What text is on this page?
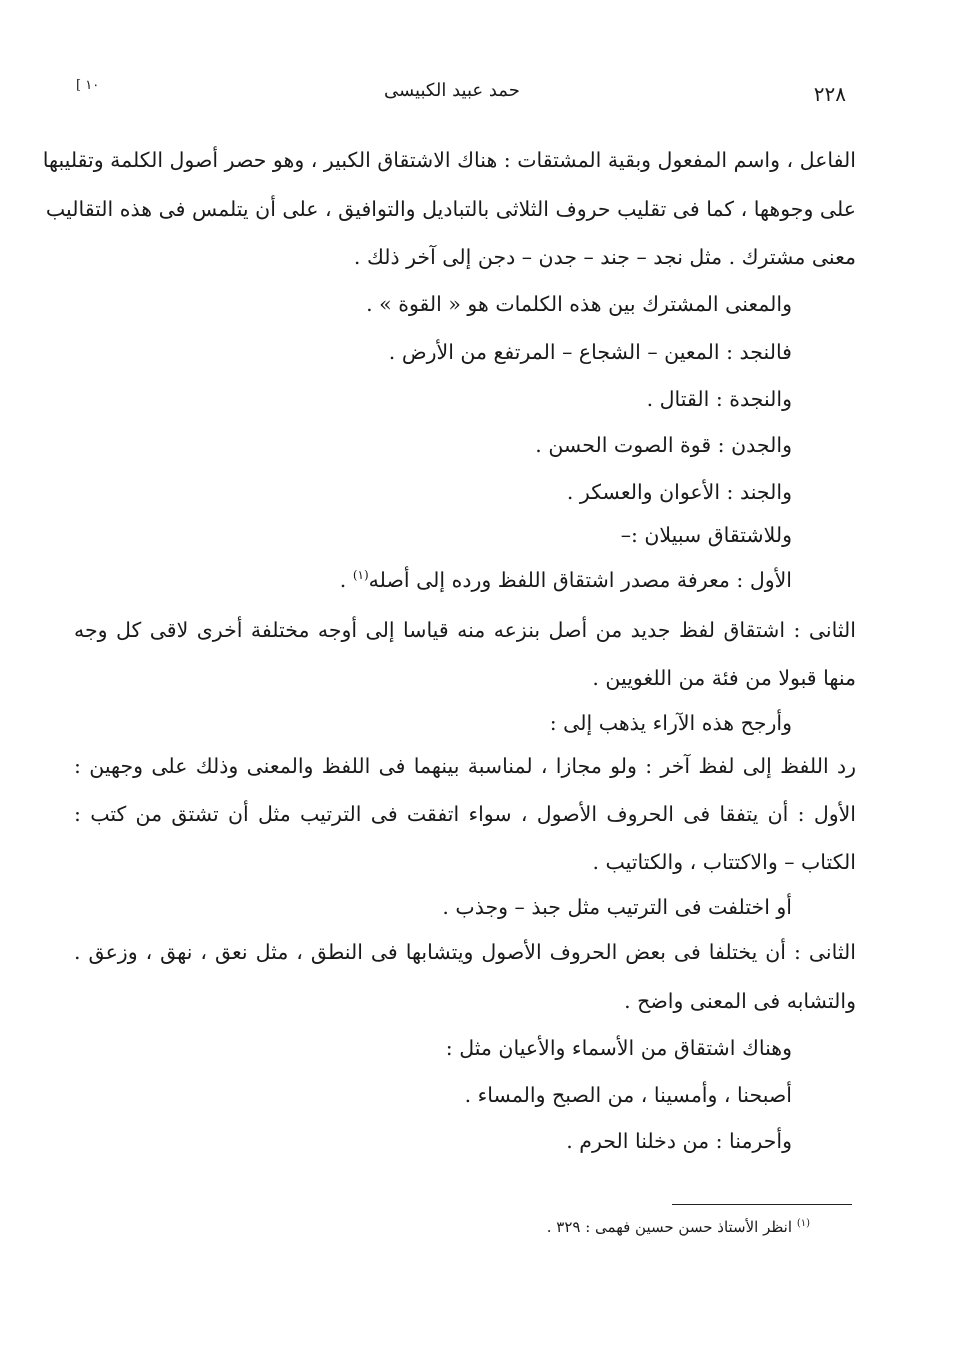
٢٢٨
حمد عبيد الكبيسى
١٠ ]
الفاعل ، واسم المفعول وبقية المشتقات : هناك الاشتقاق الكبير ، وهو حصر أصول الكلمة وتقليبها
على وجوهها ، كما فى تقليب حروف الثلاثى بالتباديل والتوافيق ، على أن يتلمس فى هذه التقاليب
معنى مشترك . مثل نجد – جند – جدن – دجن إلى آخر ذلك .
والمعنى المشترك بين هذه الكلمات هو « القوة » .
فالنجد : المعين – الشجاع – المرتفع من الأرض .
والنجدة : القتال .
والجدن : قوة الصوت الحسن .
والجند : الأعوان والعسكر .
وللاشتقاق سبيلان :–
الأول : معرفة مصدر اشتقاق اللفظ ورده إلى أصله$^{(١)}$ .
الثانى : اشتقاق لفظ جديد من أصل بنزعه منه قياسا إلى أوجه مختلفة أخرى لاقى كل وجه
منها قبولا من فئة من اللغويين .
وأرجح هذه الآراء يذهب إلى :
رد اللفظ إلى لفظ آخر : ولو مجازا ، لمناسبة بينهما فى اللفظ والمعنى وذلك على وجهين :
الأول : أن يتفقا فى الحروف الأصول ، سواء اتفقت فى الترتيب مثل أن تشتق من كتب :
الكتاب – والاكتتاب ، والكتاتيب .
أو اختلفت فى الترتيب مثل جبذ – وجذب .
الثانى : أن يختلفا فى بعض الحروف الأصول ويتشابها فى النطق ، مثل نعق ، نهق ، وزعق .
والتشابه فى المعنى واضح .
وهناك اشتقاق من الأسماء والأعيان مثل :
أصبحنا ، وأمسينا ، من الصبح والمساء .
وأحرمنا : من دخلنا الحرم .
$^{(١)}$ انظر الأستاذ حسن حسين فهمى : ٣٢٩ .
